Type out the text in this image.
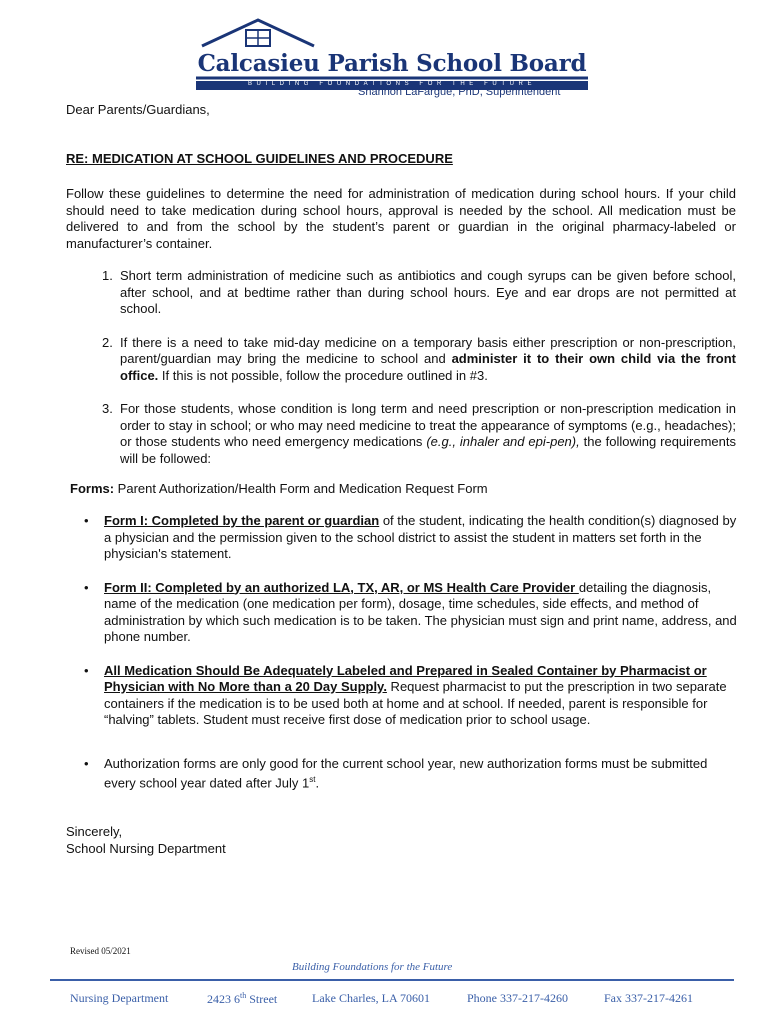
Calcasieu Parish School Board
BUILDING FOUNDATIONS FOR THE FUTURE
Shannon LaFargue, PhD, Superintendent

Dear Parents/Guardians,

RE: MEDICATION AT SCHOOL GUIDELINES AND PROCEDURE

Follow these guidelines to determine the need for administration of medication during school hours. If your child should need to take medication during school hours, approval is needed by the school. All medication must be delivered to and from the school by the student’s parent or guardian in the original pharmacy-labeled or manufacturer’s container.

1. Short term administration of medicine such as antibiotics and cough syrups can be given before school, after school, and at bedtime rather than during school hours. Eye and ear drops are not permitted at school.
2. If there is a need to take mid-day medicine on a temporary basis either prescription or non-prescription, parent/guardian may bring the medicine to school and administer it to their own child via the front office. If this is not possible, follow the procedure outlined in #3.
3. For those students, whose condition is long term and need prescription or non-prescription medication in order to stay in school; or who may need medicine to treat the appearance of symptoms (e.g., headaches); or those students who need emergency medications (e.g., inhaler and epi-pen), the following requirements will be followed:

Forms: Parent Authorization/Health Form and Medication Request Form

• Form I: Completed by the parent or guardian of the student, indicating the health condition(s) diagnosed by a physician and the permission given to the school district to assist the student in matters set forth in the physician's statement.
• Form II: Completed by an authorized LA, TX, AR, or MS Health Care Provider detailing the diagnosis, name of the medication (one medication per form), dosage, time schedules, side effects, and method of administration by which such medication is to be taken. The physician must sign and print name, address, and phone number.
• All Medication Should Be Adequately Labeled and Prepared in Sealed Container by Pharmacist or Physician with No More than a 20 Day Supply. Request pharmacist to put the prescription in two separate containers if the medication is to be used both at home and at school. If needed, parent is responsible for “halving” tablets. Student must receive first dose of medication prior to school usage.
• Authorization forms are only good for the current school year, new authorization forms must be submitted every school year dated after July 1st.

Sincerely,
School Nursing Department

Revised 05/2021
Building Foundations for the Future
Nursing Department	2423 6th Street	Lake Charles, LA 70601	Phone 337-217-4260	Fax 337-217-4261
